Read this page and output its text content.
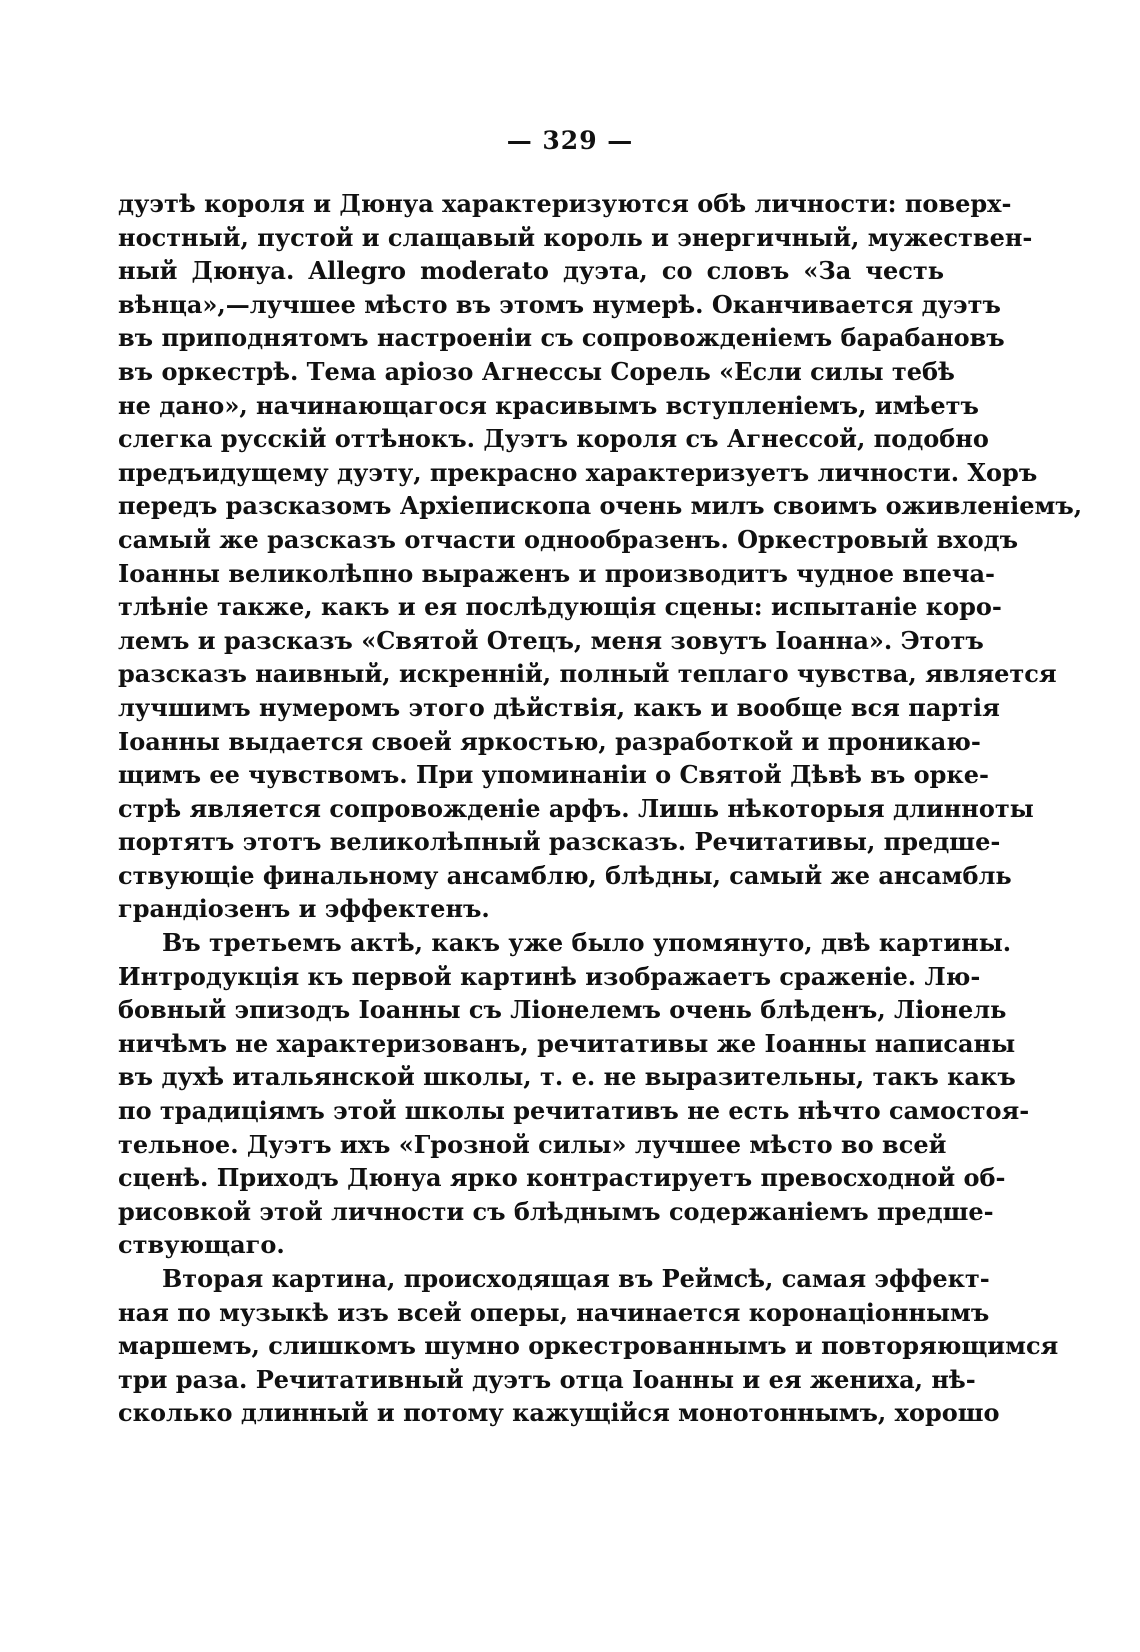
— 329 —
дуэтѣ короля и Дюнуа характеризуются обѣ личности: поверх-
ностный, пустой и слащавый король и энергичный, мужествен-
ный Дюнуа. Allegro moderato дуэта, со словъ «За честь
вѣнца»,—лучшее мѣсто въ этомъ нумерѣ. Оканчивается дуэтъ
въ приподнятомъ настроеніи съ сопровожденіемъ барабановъ
въ оркестрѣ. Тема аріозо Агнессы Сорель «Если силы тебѣ
не дано», начинающагося красивымъ вступленіемъ, имѣетъ
слегка русскій оттѣнокъ. Дуэтъ короля съ Агнессой, подобно
предъидущему дуэту, прекрасно характеризуетъ личности. Хоръ
передъ разсказомъ Архіепископа очень милъ своимъ оживленіемъ,
самый же разсказъ отчасти однообразенъ. Оркестровый входъ
Іоанны великолѣпно выраженъ и производитъ чудное впеча-
тлѣніе также, какъ и ея послѣдующія сцены: испытаніе коро-
лемъ и разсказъ «Святой Отецъ, меня зовутъ Іоанна». Этотъ
разсказъ наивный, искренній, полный теплаго чувства, является
лучшимъ нумеромъ этого дѣйствія, какъ и вообще вся партія
Іоанны выдается своей яркостью, разработкой и проникаю-
щимъ ее чувствомъ. При упоминаніи о Святой Дѣвѣ въ орке-
стрѣ является сопровожденіе арфъ. Лишь нѣкоторыя длинноты
портятъ этотъ великолѣпный разсказъ. Речитативы, предше-
ствующіе финальному ансамблю, блѣдны, самый же ансамбль
грандіозенъ и эффектенъ.
Въ третьемъ актѣ, какъ уже было упомянуто, двѣ картины.
Интродукція къ первой картинѣ изображаетъ сраженіе. Лю-
бовный эпизодъ Іоанны съ Ліонелемъ очень блѣденъ, Ліонель
ничѣмъ не характеризованъ, речитативы же Іоанны написаны
въ духѣ итальянской школы, т. е. не выразительны, такъ какъ
по традиціямъ этой школы речитативъ не есть нѣчто самостоя-
тельное. Дуэтъ ихъ «Грозной силы» лучшее мѣсто во всей
сценѣ. Приходъ Дюнуа ярко контрастируетъ превосходной об-
рисовкой этой личности съ блѣднымъ содержаніемъ предше-
ствующаго.
Вторая картина, происходящая въ Реймсѣ, самая эффект-
ная по музыкѣ изъ всей оперы, начинается коронаціоннымъ
маршемъ, слишкомъ шумно оркестрованнымъ и повторяющимся
три раза. Речитативный дуэтъ отца Іоанны и ея жениха, нѣ-
сколько длинный и потому кажущійся монотоннымъ, хорошо
